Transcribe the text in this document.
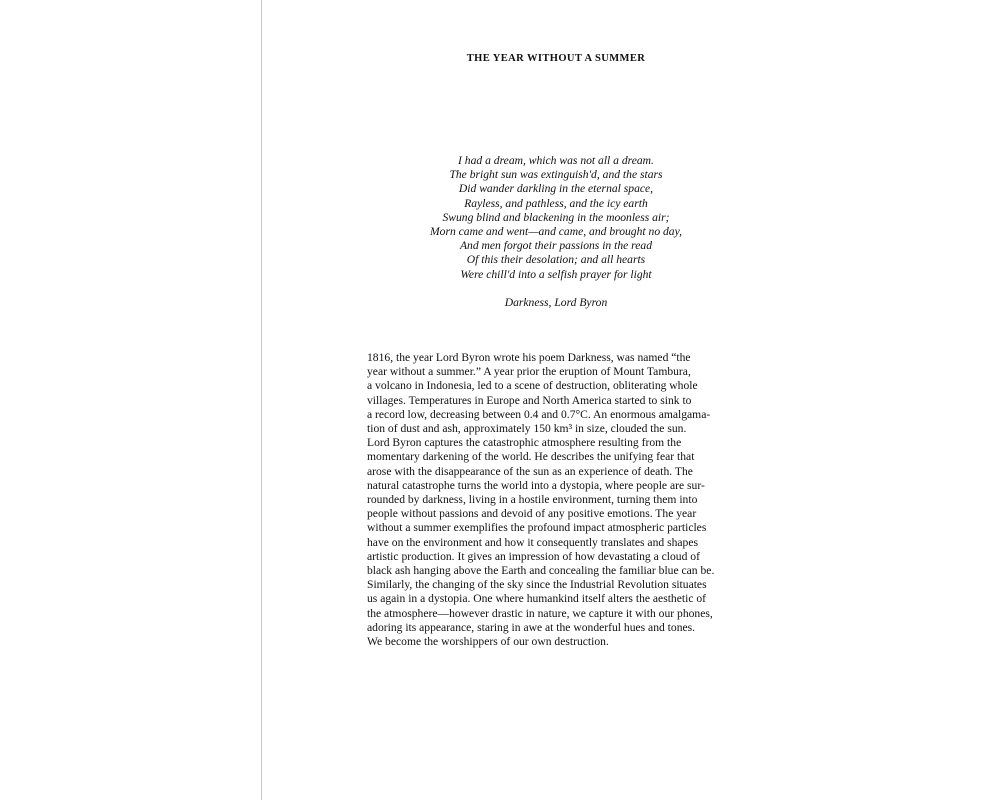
THE YEAR WITHOUT A SUMMER
I had a dream, which was not all a dream.
The bright sun was extinguish'd, and the stars
Did wander darkling in the eternal space,
Rayless, and pathless, and the icy earth
Swung blind and blackening in the moonless air;
Morn came and went—and came, and brought no day,
And men forgot their passions in the read
Of this their desolation; and all hearts
Were chill'd into a selfish prayer for light
Darkness, Lord Byron
1816, the year Lord Byron wrote his poem Darkness, was named “the
year without a summer.” A year prior the eruption of Mount Tambura,
a volcano in Indonesia, led to a scene of destruction, obliterating whole
villages. Temperatures in Europe and North America started to sink to
a record low, decreasing between 0.4 and 0.7°C. An enormous amalgama-
tion of dust and ash, approximately 150 km³ in size, clouded the sun.
Lord Byron captures the catastrophic atmosphere resulting from the
momentary darkening of the world. He describes the unifying fear that
arose with the disappearance of the sun as an experience of death. The
natural catastrophe turns the world into a dystopia, where people are sur-
rounded by darkness, living in a hostile environment, turning them into
people without passions and devoid of any positive emotions. The year
without a summer exemplifies the profound impact atmospheric particles
have on the environment and how it consequently translates and shapes
artistic production. It gives an impression of how devastating a cloud of
black ash hanging above the Earth and concealing the familiar blue can be.
Similarly, the changing of the sky since the Industrial Revolution situates
us again in a dystopia. One where humankind itself alters the aesthetic of
the atmosphere—however drastic in nature, we capture it with our phones,
adoring its appearance, staring in awe at the wonderful hues and tones.
We become the worshippers of our own destruction.
